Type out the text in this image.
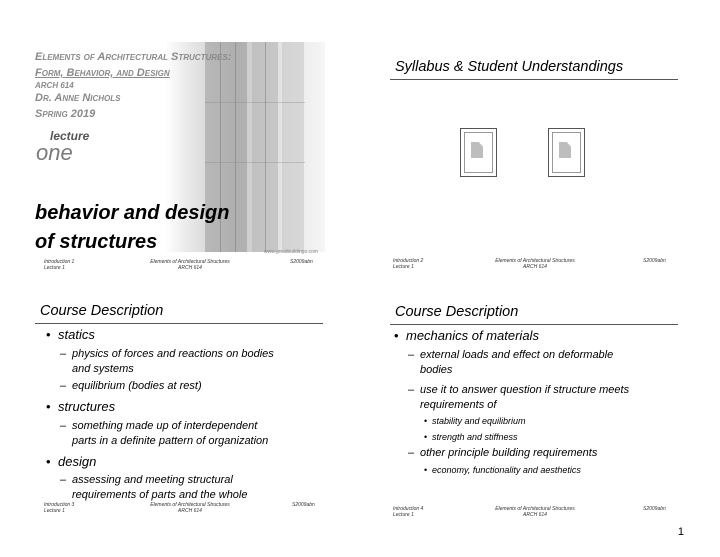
Elements of Architectural Structures:
Form, Behavior, and Design
ARCH 614
Dr. Anne Nichols
Spring 2019
lecture
one
behavior and design
of structures	www.greatbuildings.com
Introduction 1
Lecture 1
Elements of Architectural Structures
ARCH 614
S2009abn
Syllabus & Student Understandings
Introduction 2
Lecture 1
Elements of Architectural Structures
ARCH 614
S2009abn
Course Description
• statics
– physics of forces and reactions on bodies
and systems
– equilibrium (bodies at rest)
• structures
– something made up of interdependent
parts in a definite pattern of organization
• design
– assessing and meeting structural
requirements of parts and the whole
Introduction 3
Lecture 1
Elements of Architectural Structures
ARCH 614
S2009abn
Course Description
• mechanics of materials
– external loads and effect on deformable
bodies
– use it to answer question if structure meets
requirements of
• stability and equilibrium
• strength and stiffness
– other principle building requirements
• economy, functionality and aesthetics
Introduction 4
Lecture 1
Elements of Architectural Structures
ARCH 614
S2009abn
1
